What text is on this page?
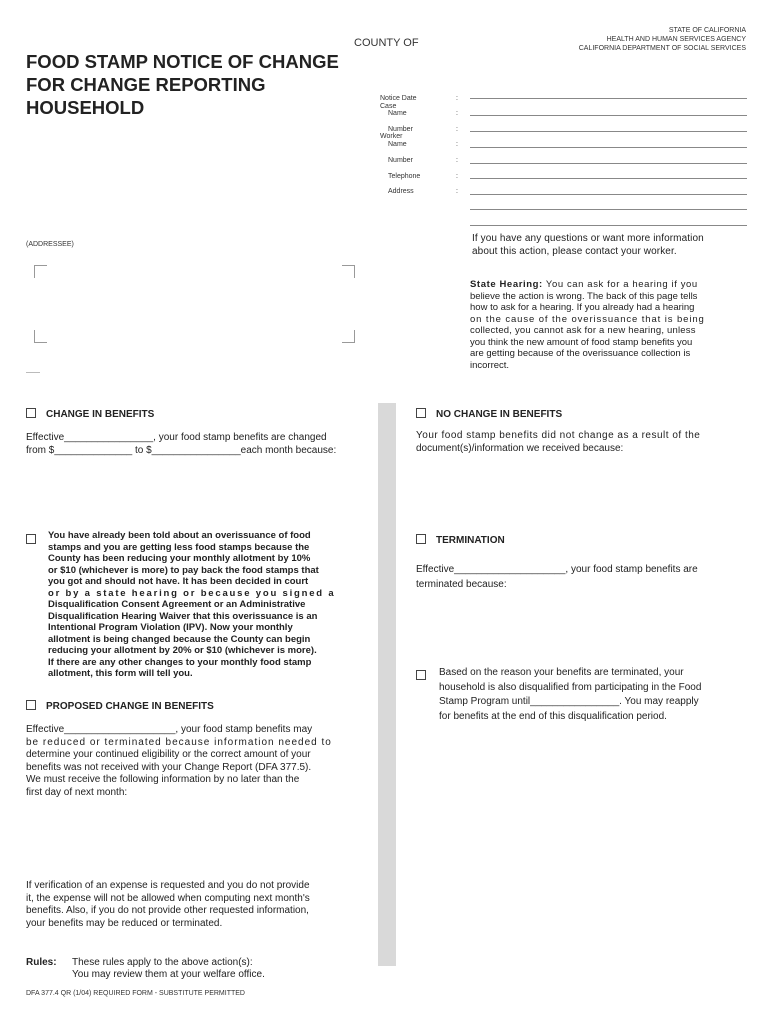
STATE OF CALIFORNIA
HEALTH AND HUMAN SERVICES AGENCY
CALIFORNIA DEPARTMENT OF SOCIAL SERVICES
COUNTY OF
FOOD STAMP NOTICE OF CHANGE
FOR CHANGE REPORTING
HOUSEHOLD	Notice Date
Case
Name
Number
Worker
Name
Number
Telephone
Address
:
:
:
:
:
:
:
(ADDRESSEE)
If you have any questions or want more information
about this action, please contact your worker.
State Hearing: You can ask for a hearing if you
believe the action is wrong. The back of this page tells
how to ask for a hearing. If you already had a hearing
on the cause of the overissuance that is being
collected, you cannot ask for a new hearing, unless
you think the new amount of food stamp benefits you
are getting because of the overissuance collection is
incorrect.
CHANGE IN BENEFITS
Effective________________, your food stamp benefits are changed
from $______________ to $________________each month because:
You have already been told about an overissuance of food
stamps and you are getting less food stamps because the
County has been reducing your monthly allotment by 10%
or $10 (whichever is more) to pay back the food stamps that
you got and should not have. It has been decided in court
or by a state hearing or because you signed a
Disqualification Consent Agreement or an Administrative
Disqualification Hearing Waiver that this overissuance is an
Intentional Program Violation (IPV). Now your monthly
allotment is being changed because the County can begin
reducing your allotment by 20% or $10 (whichever is more).
If there are any other changes to your monthly food stamp
allotment, this form will tell you.
PROPOSED CHANGE IN BENEFITS
Effective____________________, your food stamp benefits may
be reduced or terminated because information needed to
determine your continued eligibility or the correct amount of your
benefits was not received with your Change Report (DFA 377.5).
We must receive the following information by no later than the
first day of next month:
If verification of an expense is requested and you do not provide
it, the expense will not be allowed when computing next month's
benefits. Also, if you do not provide other requested information,
your benefits may be reduced or terminated.
Rules: These rules apply to the above action(s):
You may review them at your welfare office.
NO CHANGE IN BENEFITS
Your food stamp benefits did not change as a result of the
document(s)/information we received because:
TERMINATION
Effective____________________, your food stamp benefits are
terminated because:
Based on the reason your benefits are terminated, your
household is also disqualified from participating in the Food
Stamp Program until________________. You may reapply
for benefits at the end of this disqualification period.
DFA 377.4 QR (1/04) REQUIRED FORM - SUBSTITUTE PERMITTED
